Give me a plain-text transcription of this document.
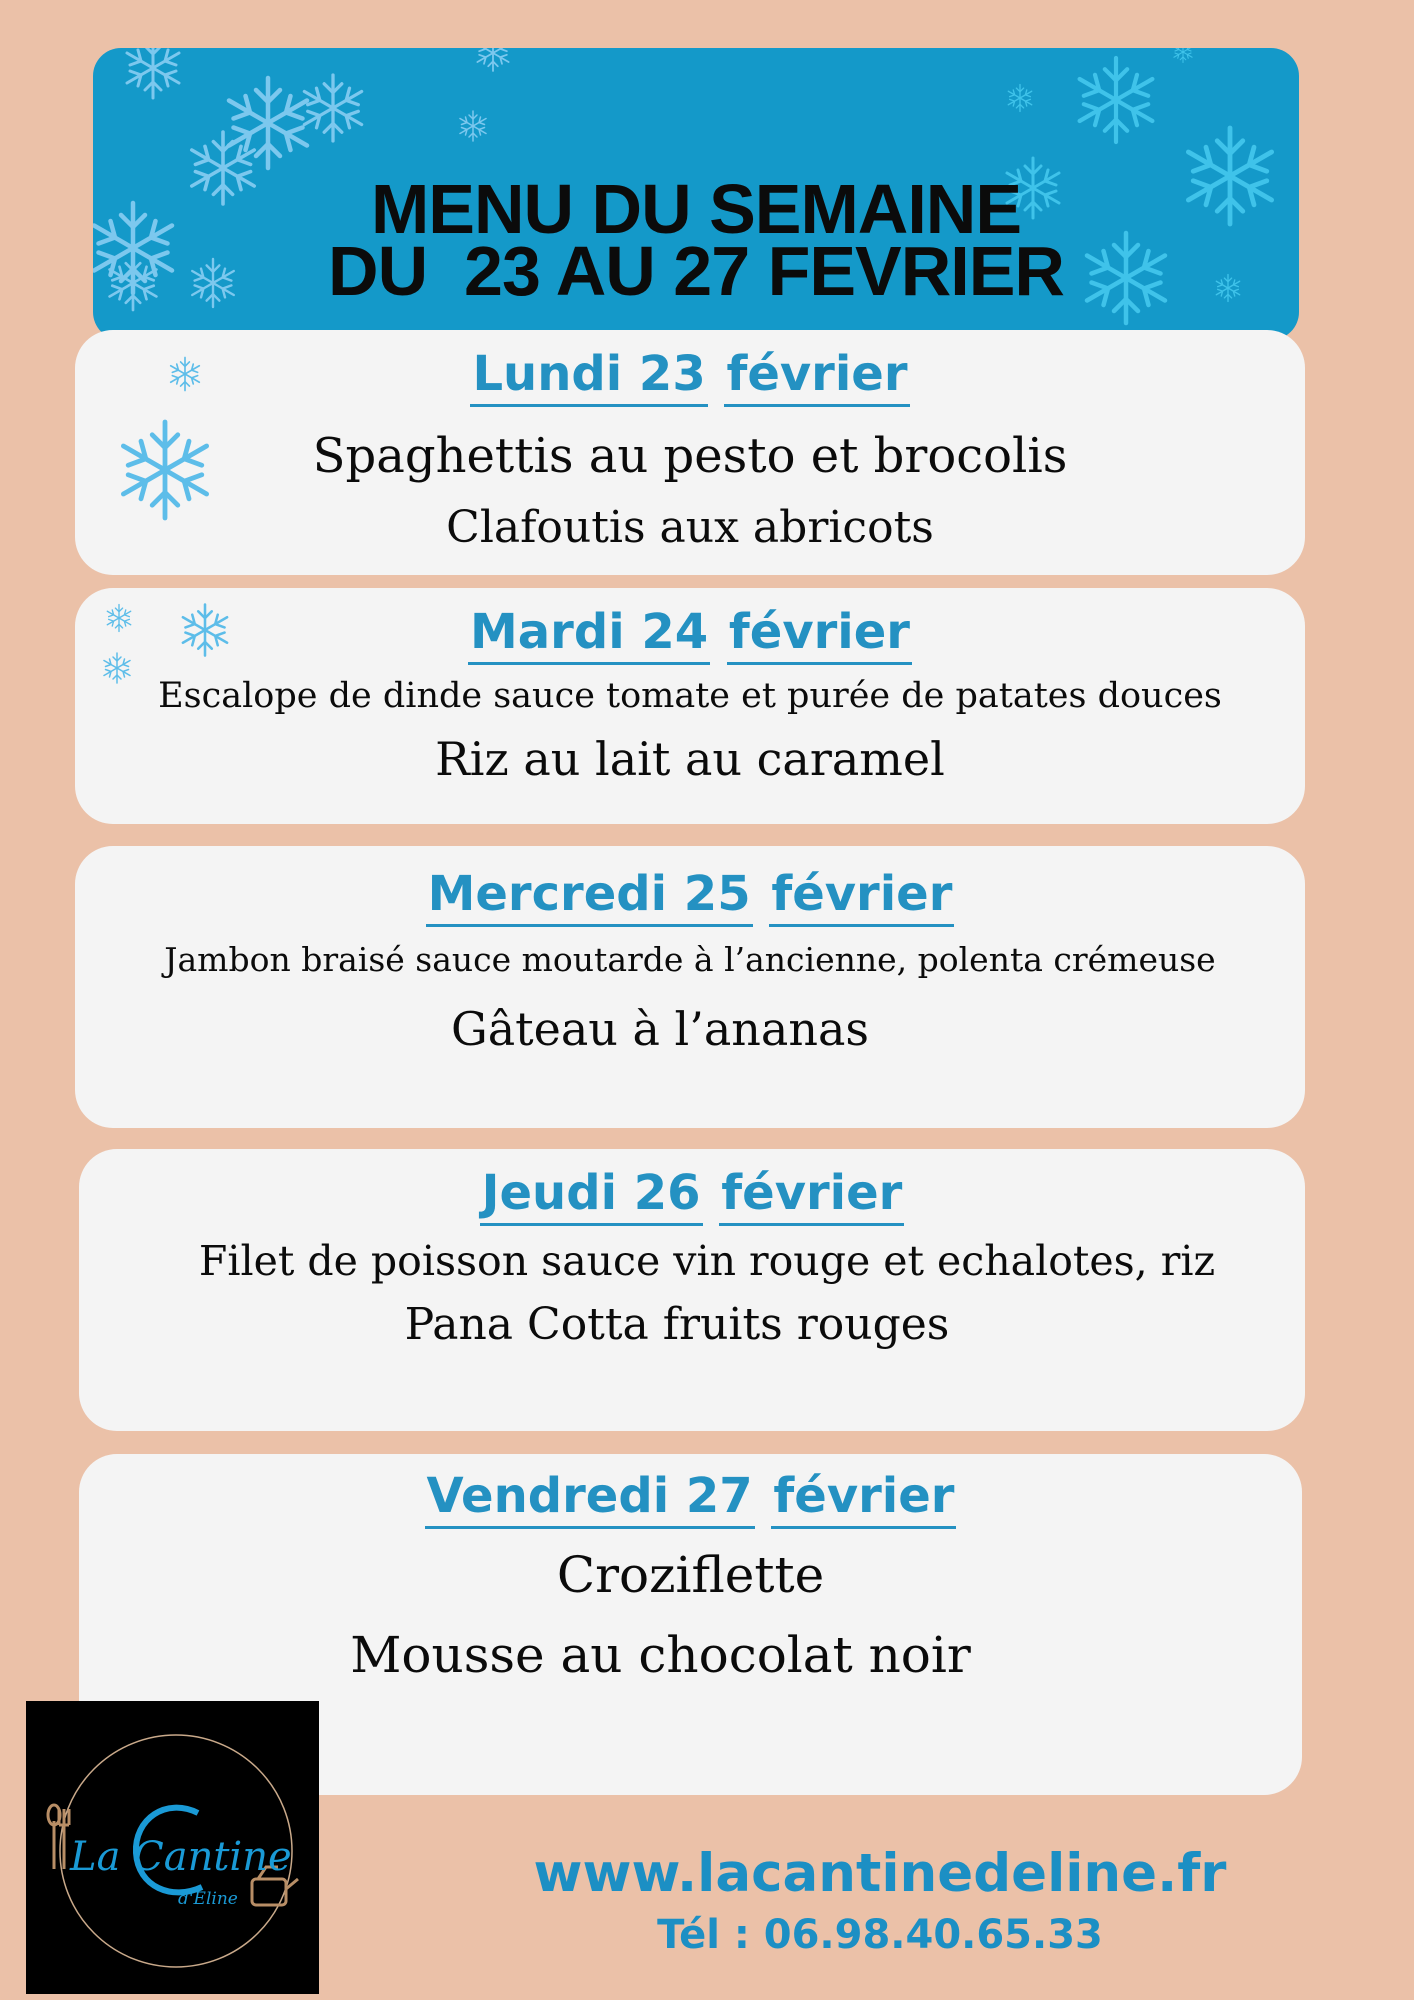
MENU DU SEMAINE
DU  23 AU 27 FEVRIER
Lundi 23 février
Spaghettis au pesto et brocolis
Clafoutis aux abricots
Mardi 24 février
Escalope de dinde sauce tomate et purée de patates douces
Riz au lait au caramel
Mercredi 25 février
Jambon braisé sauce moutarde à l’ancienne, polenta crémeuse
Gâteau à l’ananas
Jeudi 26 février
Filet de poisson sauce vin rouge et echalotes, riz
Pana Cotta fruits rouges
Vendredi 27 février
Croziflette
Mousse au chocolat noir
La Cantine
d'Eline	www.lacantinedeline.fr
Tél : 06.98.40.65.33
